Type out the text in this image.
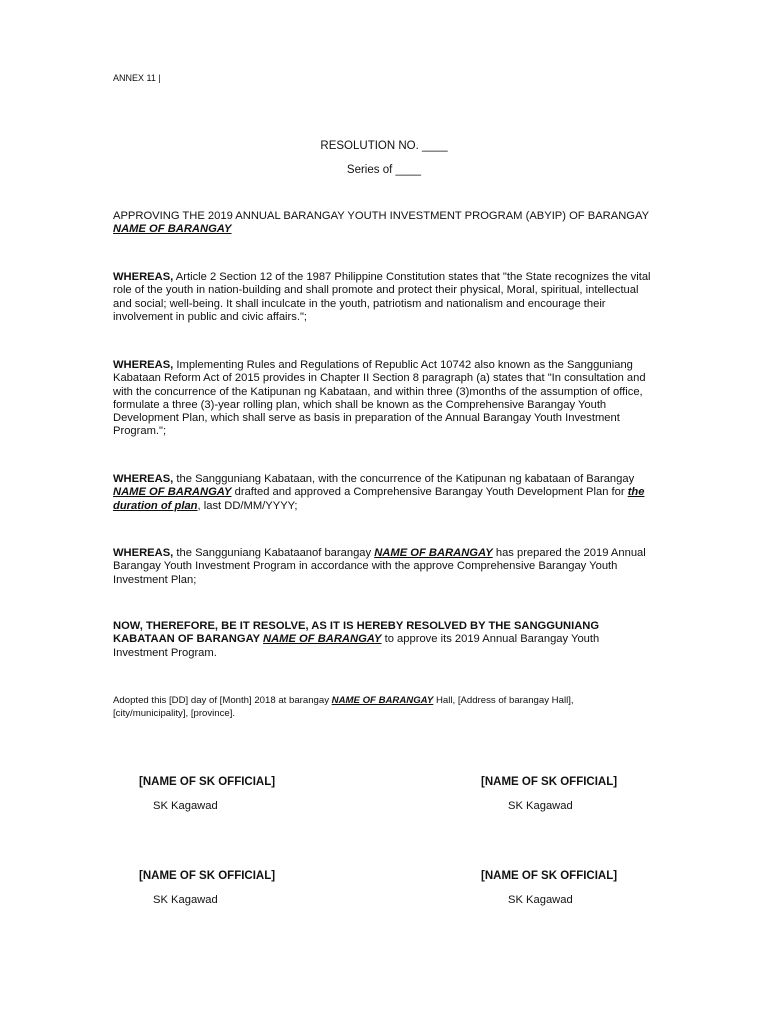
ANNEX 11 |
RESOLUTION NO. ____
Series of ____
APPROVING THE 2019 ANNUAL BARANGAY YOUTH INVESTMENT PROGRAM (ABYIP) OF BARANGAY NAME OF BARANGAY
WHEREAS, Article 2 Section 12 of the 1987 Philippine Constitution states that "the State recognizes the vital role of the youth in nation-building and shall promote and protect their physical, Moral, spiritual, intellectual and social; well-being. It shall inculcate in the youth, patriotism and nationalism and encourage their involvement in public and civic affairs.";
WHEREAS, Implementing Rules and Regulations of Republic Act 10742 also known as the Sangguniang Kabataan Reform Act of 2015 provides in Chapter II Section 8 paragraph (a) states that "In consultation and with the concurrence of the Katipunan ng Kabataan, and within three (3)months of the assumption of office, formulate a three (3)-year rolling plan, which shall be known as the Comprehensive Barangay Youth Development Plan, which shall serve as basis in preparation of the Annual Barangay Youth Investment Program.";
WHEREAS, the Sangguniang Kabataan, with the concurrence of the Katipunan ng kabataan of Barangay NAME OF BARANGAY drafted and approved a Comprehensive Barangay Youth Development Plan for the duration of plan, last DD/MM/YYYY;
WHEREAS, the Sangguniang Kabataanof barangay NAME OF BARANGAY has prepared the 2019 Annual Barangay Youth Investment Program in accordance with the approve Comprehensive Barangay Youth Investment Plan;
NOW, THEREFORE, BE IT RESOLVE, AS IT IS HEREBY RESOLVED BY THE SANGGUNIANG KABATAAN OF BARANGAY NAME OF BARANGAY to approve its 2019 Annual Barangay Youth Investment Program.
Adopted this [DD] day of [Month] 2018 at barangay NAME OF BARANGAY Hall, [Address of barangay Hall], [city/municipality], [province].
[NAME OF SK OFFICIAL]
SK Kagawad
[NAME OF SK OFFICIAL]
SK Kagawad
[NAME OF SK OFFICIAL]
SK Kagawad
[NAME OF SK OFFICIAL]
SK Kagawad
